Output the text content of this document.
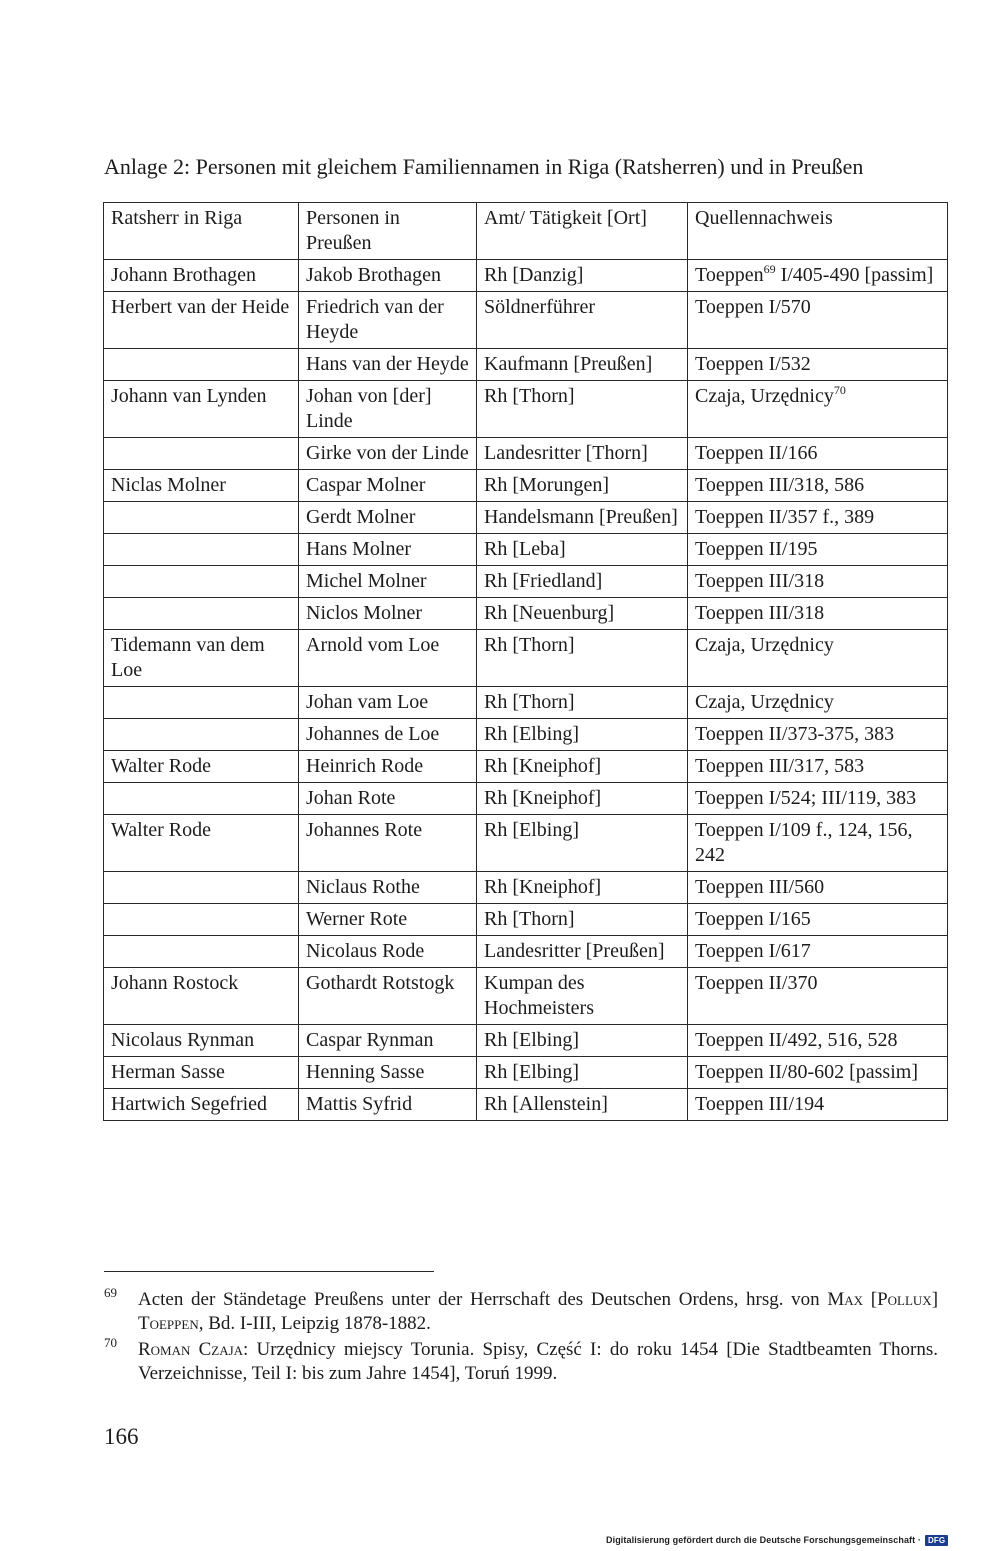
Anlage 2: Personen mit gleichem Familiennamen in Riga (Ratsherren) und in Preußen
Ratsherr in Riga	Personen in Preußen	Amt/ Tätigkeit [Ort]	Quellennachweis
Johann Brothagen	Jakob Brothagen	Rh [Danzig]	Toeppen$^{69}$ I/405-490 [passim]
Herbert van der Heide	Friedrich van der Heyde	Söldnerführer	Toeppen I/570
	Hans van der Heyde	Kaufmann [Preußen]	Toeppen I/532
Johann van Lynden	Johan von [der] Linde	Rh [Thorn]	Czaja, Urzędnicy$^{70}$
	Girke von der Linde	Landesritter [Thorn]	Toeppen II/166
Niclas Molner	Caspar Molner	Rh [Morungen]	Toeppen III/318, 586
	Gerdt Molner	Handelsmann [Preußen]	Toeppen II/357 f., 389
	Hans Molner	Rh [Leba]	Toeppen II/195
	Michel Molner	Rh [Friedland]	Toeppen III/318
	Niclos Molner	Rh [Neuenburg]	Toeppen III/318
Tidemann van dem Loe	Arnold vom Loe	Rh [Thorn]	Czaja, Urzędnicy
	Johan vam Loe	Rh [Thorn]	Czaja, Urzędnicy
	Johannes de Loe	Rh [Elbing]	Toeppen II/373-375, 383
Walter Rode	Heinrich Rode	Rh [Kneiphof]	Toeppen III/317, 583
	Johan Rote	Rh [Kneiphof]	Toeppen I/524; III/119, 383
Walter Rode	Johannes Rote	Rh [Elbing]	Toeppen I/109 f., 124, 156, 242
	Niclaus Rothe	Rh [Kneiphof]	Toeppen III/560
	Werner Rote	Rh [Thorn]	Toeppen I/165
	Nicolaus Rode	Landesritter [Preußen]	Toeppen I/617
Johann Rostock	Gothardt Rotstogk	Kumpan des Hochmeisters	Toeppen II/370
Nicolaus Rynman	Caspar Rynman	Rh [Elbing]	Toeppen II/492, 516, 528
Herman Sasse	Henning Sasse	Rh [Elbing]	Toeppen II/80-602 [passim]
Hartwich Segefried	Mattis Syfrid	Rh [Allenstein]	Toeppen III/194
69 Acten der Ständetage Preußens unter der Herrschaft des Deutschen Ordens, hrsg. von Max [Pollux] Toeppen, Bd. I-III, Leipzig 1878-1882.
70 Roman Czaja: Urzędnicy miejscy Torunia. Spisy, Część I: do roku 1454 [Die Stadtbeamten Thorns. Verzeichnisse, Teil I: bis zum Jahre 1454], Toruń 1999.
166
Digitalisierung gefördert durch die Deutsche Forschungsgemeinschaft · DFG
